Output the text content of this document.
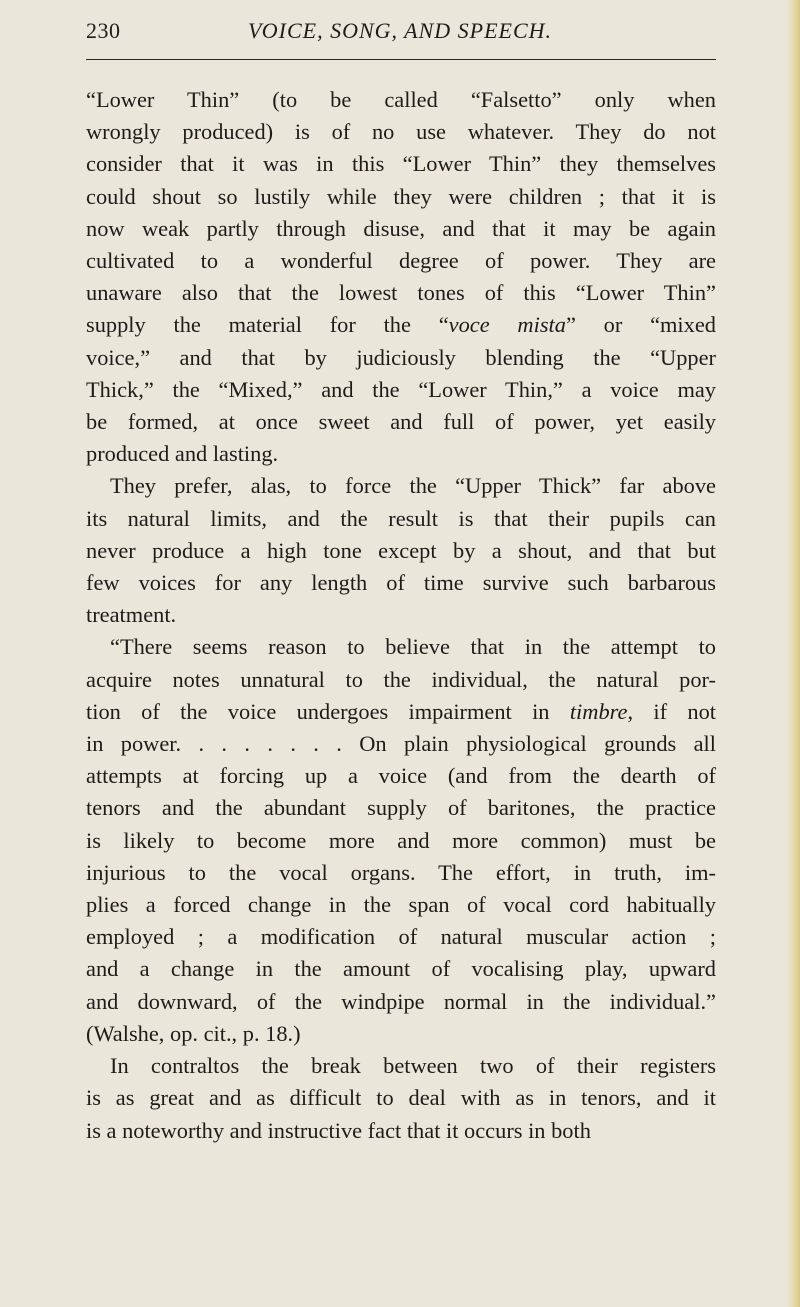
230	VOICE, SONG, AND SPEECH.

“Lower Thin” (to be called “Falsetto” only when
wrongly produced) is of no use whatever. They do not
consider that it was in this “Lower Thin” they themselves
could shout so lustily while they were children ; that it is
now weak partly through disuse, and that it may be again
cultivated to a wonderful degree of power. They are
unaware also that the lowest tones of this “Lower Thin”
supply the material for the “voce mista” or “mixed
voice,” and that by judiciously blending the “Upper
Thick,” the “Mixed,” and the “Lower Thin,” a voice may
be formed, at once sweet and full of power, yet easily
produced and lasting.

They prefer, alas, to force the “Upper Thick” far above
its natural limits, and the result is that their pupils can
never produce a high tone except by a shout, and that but
few voices for any length of time survive such barbarous
treatment.

“There seems reason to believe that in the attempt to
acquire notes unnatural to the individual, the natural por-
tion of the voice undergoes impairment in timbre, if not
in power. . . . . . . . On plain physiological grounds all
attempts at forcing up a voice (and from the dearth of
tenors and the abundant supply of baritones, the practice
is likely to become more and more common) must be
injurious to the vocal organs. The effort, in truth, im-
plies a forced change in the span of vocal cord habitually
employed ; a modification of natural muscular action ;
and a change in the amount of vocalising play, upward
and downward, of the windpipe normal in the individual.”
(Walshe, op. cit., p. 18.)

In contraltos the break between two of their registers
is as great and as difficult to deal with as in tenors, and it
is a noteworthy and instructive fact that it occurs in both
